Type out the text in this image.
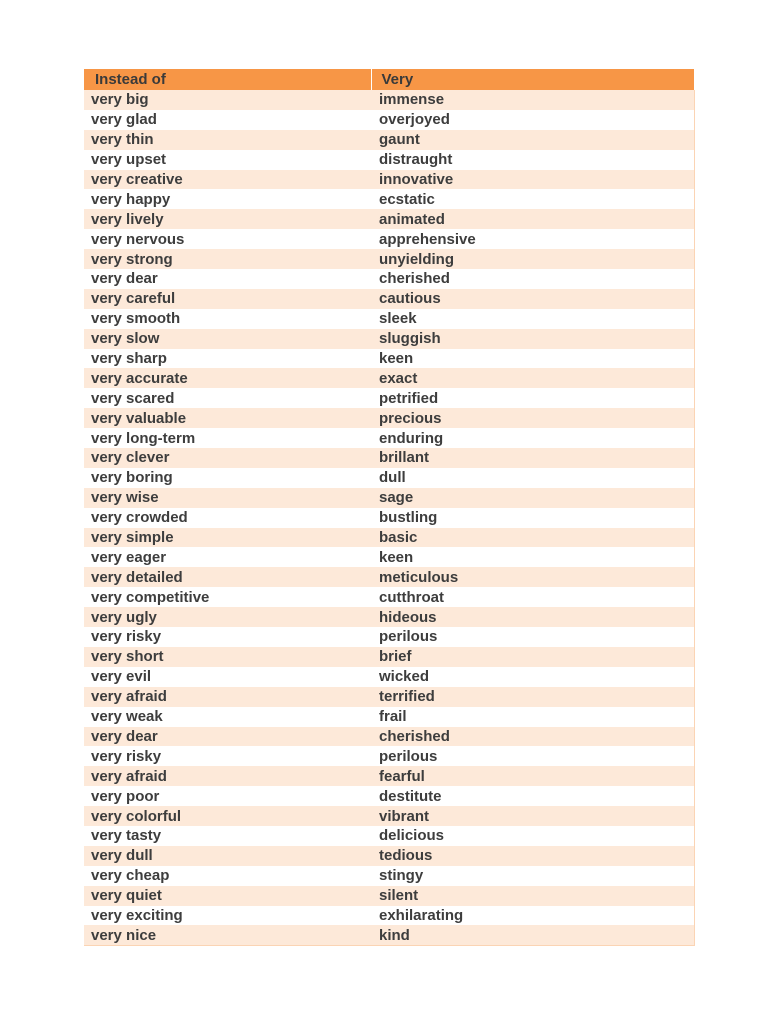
Instead of	Very
very big	immense
very glad	overjoyed
very thin	gaunt
very upset	distraught
very creative	innovative
very happy	ecstatic
very lively	animated
very nervous	apprehensive
very strong	unyielding
very dear	cherished
very careful	cautious
very smooth	sleek
very slow	sluggish
very sharp	keen
very accurate	exact
very scared	petrified
very valuable	precious
very long-term	enduring
very clever	brillant
very boring	dull
very wise	sage
very crowded	bustling
very simple	basic
very eager	keen
very detailed	meticulous
very competitive	cutthroat
very ugly	hideous
very risky	perilous
very short	brief
very evil	wicked
very afraid	terrified
very weak	frail
very dear	cherished
very risky	perilous
very afraid	fearful
very poor	destitute
very colorful	vibrant
very tasty	delicious
very dull	tedious
very cheap	stingy
very quiet	silent
very exciting	exhilarating
very nice	kind
